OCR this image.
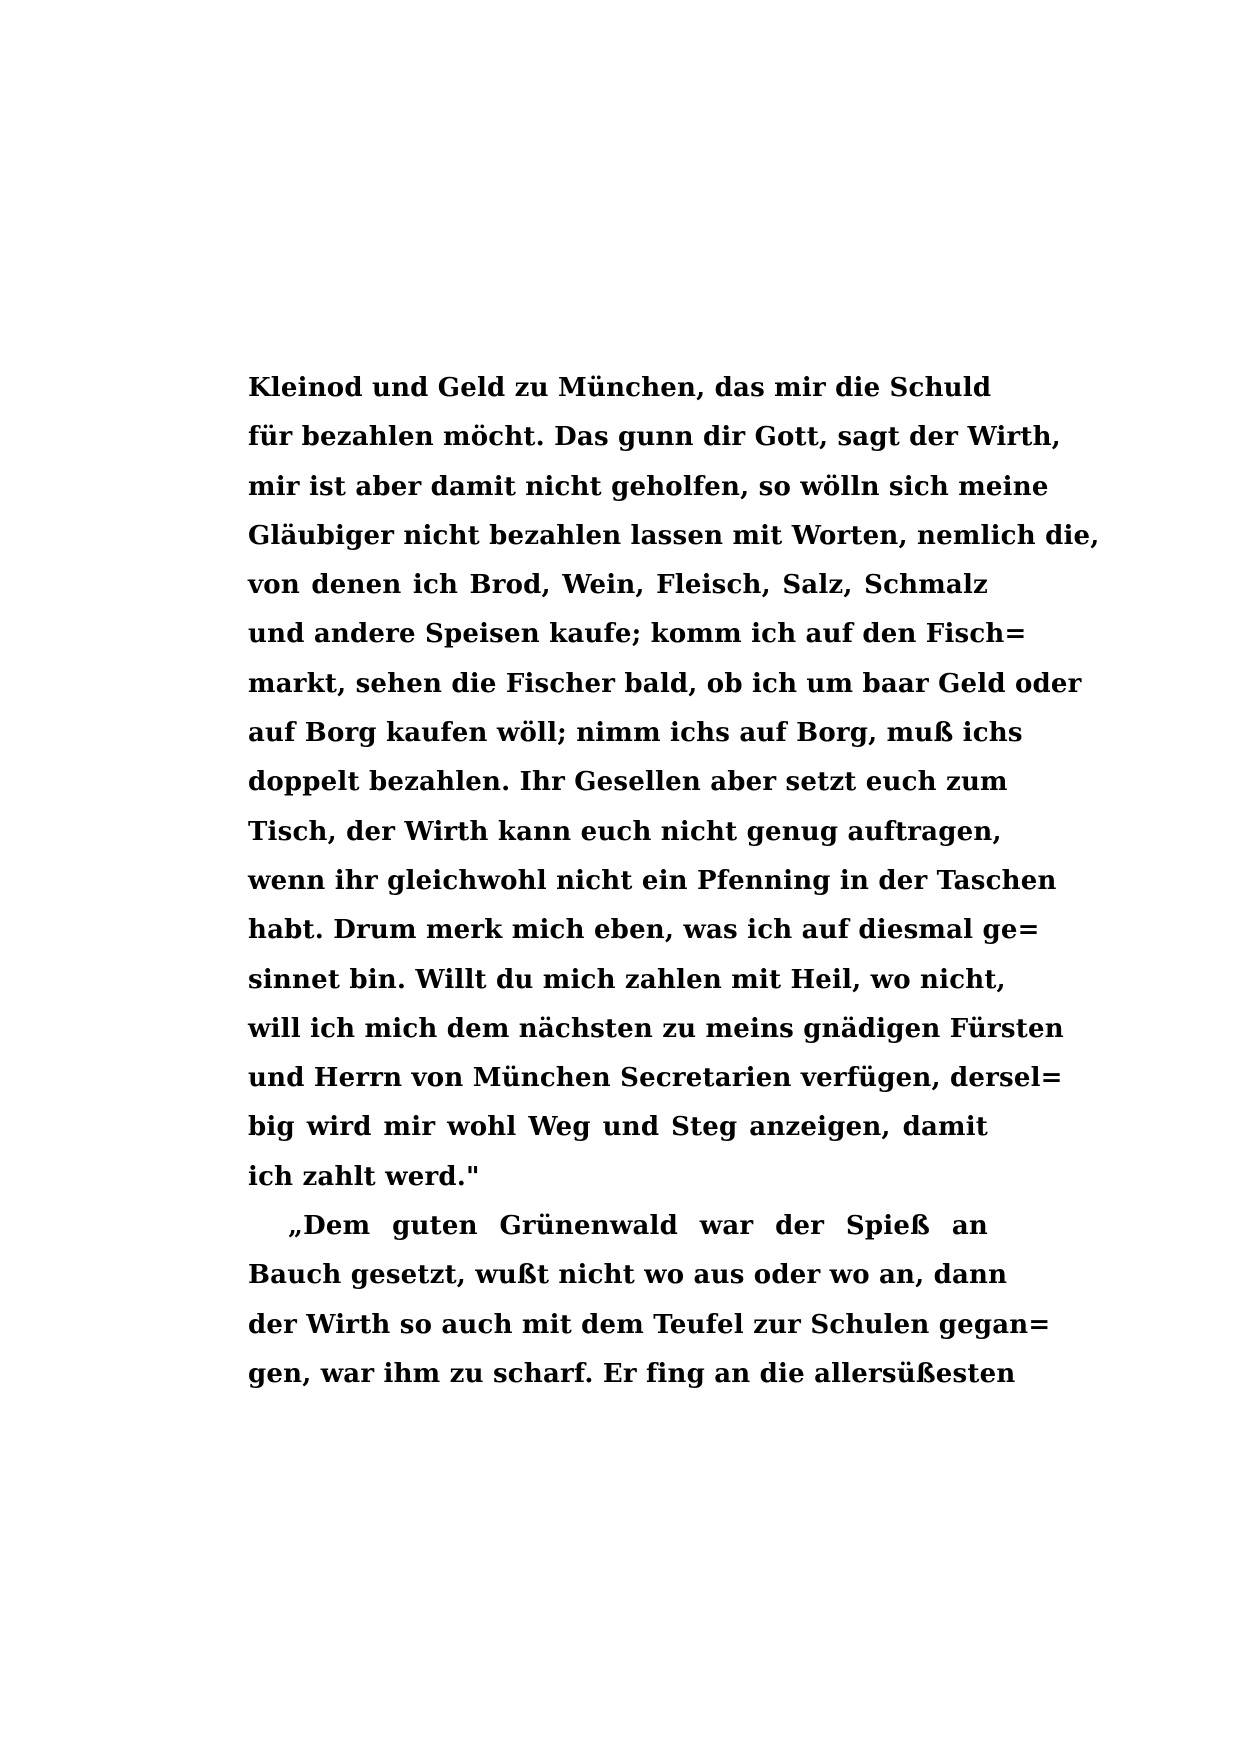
Kleinod und Geld zu München, das mir die Schuld
für bezahlen möcht. Das gunn dir Gott, sagt der Wirth,
mir ist aber damit nicht geholfen, so wölln sich meine
Gläubiger nicht bezahlen lassen mit Worten, nemlich die,
von denen ich Brod, Wein, Fleisch, Salz, Schmalz
und andere Speisen kaufe; komm ich auf den Fisch=
markt, sehen die Fischer bald, ob ich um baar Geld oder
auf Borg kaufen wöll; nimm ichs auf Borg, muß ichs
doppelt bezahlen. Ihr Gesellen aber setzt euch zum
Tisch, der Wirth kann euch nicht genug auftragen,
wenn ihr gleichwohl nicht ein Pfenning in der Taschen
habt. Drum merk mich eben, was ich auf diesmal ge=
sinnet bin. Willt du mich zahlen mit Heil, wo nicht,
will ich mich dem nächsten zu meins gnädigen Fürsten
und Herrn von München Secretarien verfügen, dersel=
big wird mir wohl Weg und Steg anzeigen, damit
ich zahlt werd."
„Dem guten Grünenwald war der Spieß an
Bauch gesetzt, wußt nicht wo aus oder wo an, dann
der Wirth so auch mit dem Teufel zur Schulen gegan=
gen, war ihm zu scharf. Er fing an die allersüßesten
